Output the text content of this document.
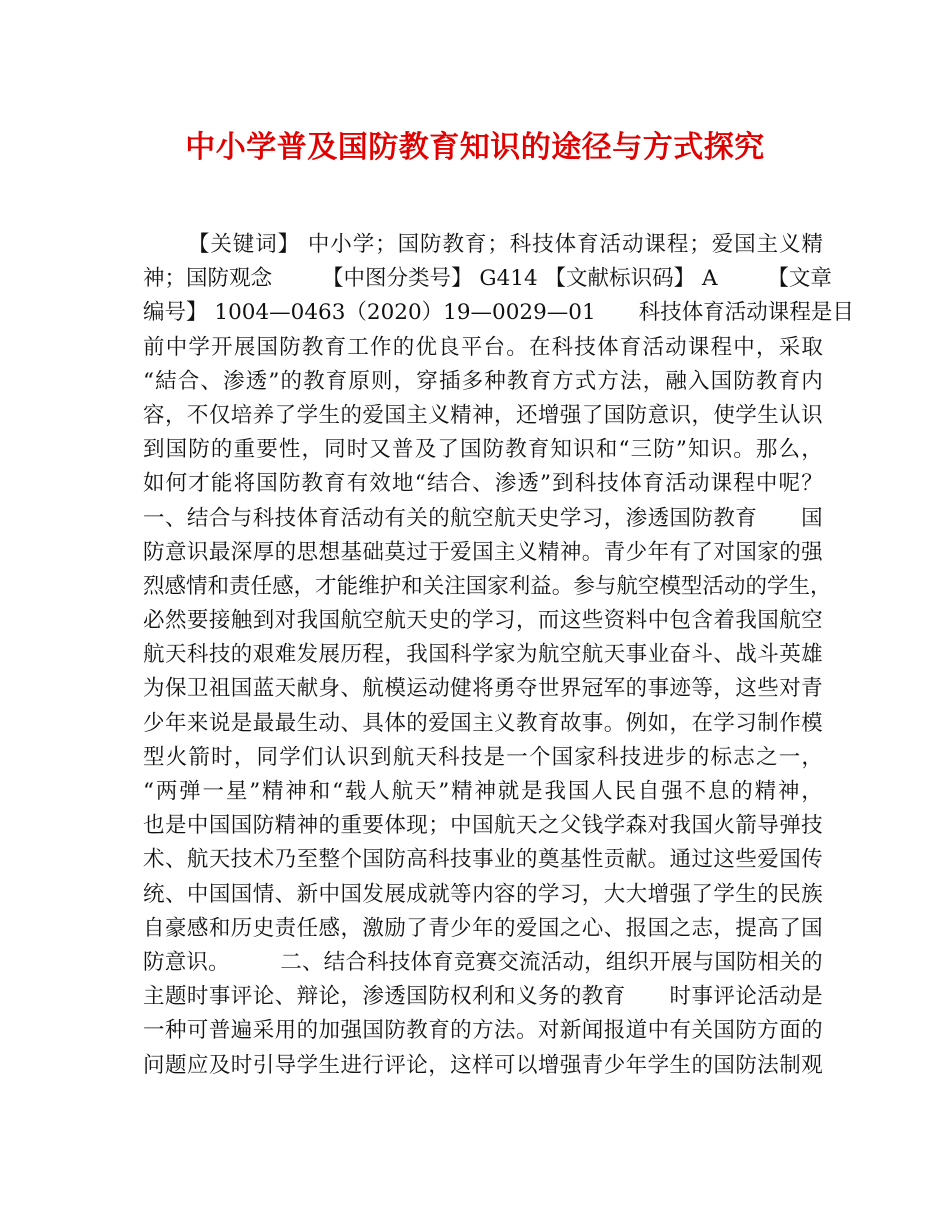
中小学普及国防教育知识的途径与方式探究

【 关 键 词 】
中 小 学 ； 国 防 教 育 ； 科 技 体 育 活 动 课 程 ； 爱 国 主 义 精
神 ； 国 防 观 念

【 中 图 分 类 号 】
G 4 1 4
【 文 献 标 识 码 】
A

【 文 章
编 号 】
1 0 0 4 — 0 4 6 3 （ 2 0 2 0 ） 1 9 — 0 0 2 9 — 0 1

　 科 技 体 育 活 动 课 程 是 目
前 中 学 开 展 国 防 教 育 工 作 的 优 良 平 台 。 在 科 技 体 育 活 动 课 程 中 ， 采 取
“ 結 合 、 渗 透 ” 的 教 育 原 则 ， 穿 插 多 种 教 育 方 式 方 法 ， 融 入 国 防 教 育 内
容 ， 不 仅 培 养 了 学 生 的 爱 国 主 义 精 神 ， 还 增 强 了 国 防 意 识 ， 使 学 生 认 识
到 国 防 的 重 要 性 ， 同 时 又 普 及 了 国 防 教 育 知 识 和 “ 三 防 ” 知 识 。 那 么 ，
如 何 才 能 将 国 防 教 育 有 效 地 “ 结 合 、 渗 透 ” 到 科 技 体 育 活 动 课 程 中 呢 ？
一 、 结 合 与 科 技 体 育 活 动 有 关 的 航 空 航 天 史 学 习 ， 渗 透 国 防 教 育

　 国
防 意 识 最 深 厚 的 思 想 基 础 莫 过 于 爱 国 主 义 精 神 。 青 少 年 有 了 对 国 家 的 强
烈 感 情 和 责 任 感 ， 才 能 维 护 和 关 注 国 家 利 益 。 参 与 航 空 模 型 活 动 的 学 生 ，
必 然 要 接 触 到 对 我 国 航 空 航 天 史 的 学 习 ， 而 这 些 资 料 中 包 含 着 我 国 航 空
航 天 科 技 的 艰 难 发 展 历 程 ， 我 国 科 学 家 为 航 空 航 天 事 业 奋 斗 、 战 斗 英 雄
为 保 卫 祖 国 蓝 天 献 身 、 航 模 运 动 健 将 勇 夺 世 界 冠 军 的 事 迹 等 ， 这 些 对 青
少 年 来 说 是 最 最 生 动 、 具 体 的 爱 国 主 义 教 育 故 事 。 例 如 ， 在 学 习 制 作 模
型 火 箭 时 ， 同 学 们 认 识 到 航 天 科 技 是 一 个 国 家 科 技 进 步 的 标 志 之 一 ，
“ 两 弹 一 星 ” 精 神 和 “ 载 人 航 天 ” 精 神 就 是 我 国 人 民 自 强 不 息 的 精 神 ，
也 是 中 国 国 防 精 神 的 重 要 体 现 ； 中 国 航 天 之 父 钱 学 森 对 我 国 火 箭 导 弹 技
术 、 航 天 技 术 乃 至 整 个 国 防 高 科 技 事 业 的 奠 基 性 贡 献 。 通 过 这 些 爱 国 传
统 、 中 国 国 情 、 新 中 国 发 展 成 就 等 内 容 的 学 习 ， 大 大 增 强 了 学 生 的 民 族
自 豪 感 和 历 史 责 任 感 ， 激 励 了 青 少 年 的 爱 国 之 心 、 报 国 之 志 ， 提 高 了 国
防 意 识 。

二 、 结 合 科 技 体 育 竞 赛 交 流 活 动 ， 组 织 开 展 与 国 防 相 关 的
主 题 时 事 评 论 、 辩 论 ， 渗 透 国 防 权 利 和 义 务 的 教 育

　 时 事 评 论 活 动 是
一 种 可 普 遍 采 用 的 加 强 国 防 教 育 的 方 法 。 对 新 闻 报 道 中 有 关 国 防 方 面 的
问 题 应 及 时 引 导 学 生 进 行 评 论 ， 这 样 可 以 增 强 青 少 年 学 生 的 国 防 法 制 观
